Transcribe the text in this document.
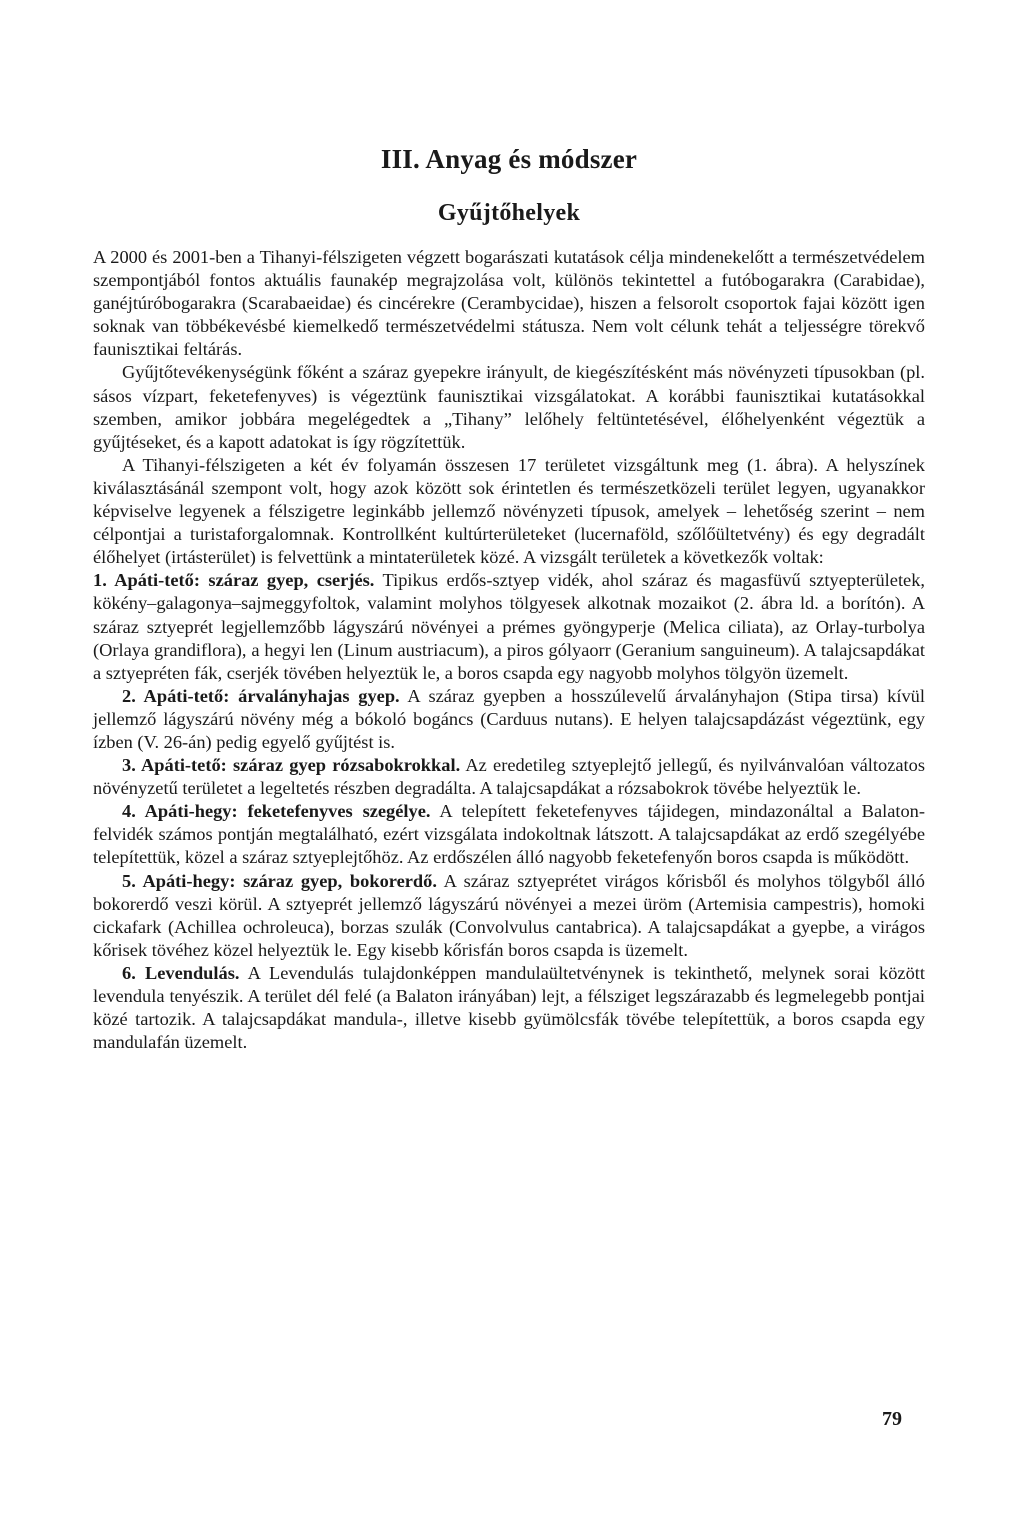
III. Anyag és módszer
Gyűjtőhelyek

A 2000 és 2001-ben a Tihanyi-félszigeten végzett bogarászati kutatások célja mindenekelőtt a természetvédelem szempontjából fontos aktuális faunakép megrajzolása volt, különös tekintettel a futóbogarakra (Carabidae), ganéjtúróbogarakra (Scarabaeidae) és cincérekre (Cerambycidae), hiszen a felsorolt csoportok fajai között igen soknak van többékevésbé kiemelkedő természetvédelmi státusza. Nem volt célunk tehát a teljességre törekvő faunisztikai feltárás.

Gyűjtőtevékenységünk főként a száraz gyepekre irányult, de kiegészítésként más növényzeti típusokban (pl. sásos vízpart, feketefenyves) is végeztünk faunisztikai vizsgálatokat. A korábbi faunisztikai kutatásokkal szemben, amikor jobbára megelégedtek a „Tihany” lelőhely feltüntetésével, élőhelyenként végeztük a gyűjtéseket, és a kapott adatokat is így rögzítettük.

A Tihanyi-félszigeten a két év folyamán összesen 17 területet vizsgáltunk meg (1. ábra). A helyszínek kiválasztásánál szempont volt, hogy azok között sok érintetlen és természetközeli terület legyen, ugyanakkor képviselve legyenek a félszigetre leginkább jellemző növényzeti típusok, amelyek – lehetőség szerint – nem célpontjai a turistaforgalomnak. Kontrollként kultúrterületeket (lucernaföld, szőlőültetvény) és egy degradált élőhelyet (irtásterület) is felvettünk a mintaterületek közé. A vizsgált területek a következők voltak:

1. Apáti-tető: száraz gyep, cserjés. Tipikus erdős-sztyep vidék, ahol száraz és magasfüvű sztyepterületek, kökény–galagonya–sajmeggyfoltok, valamint molyhos tölgyesek alkotnak mozaikot (2. ábra ld. a borítón). A száraz sztyeprét legjellemzőbb lágyszárú növényei a prémes gyöngyperje (Melica ciliata), az Orlay-turbolya (Orlaya grandiflora), a hegyi len (Linum austriacum), a piros gólyaorr (Geranium sanguineum). A talajcsapdákat a sztyepréten fák, cserjék tövében helyeztük le, a boros csapda egy nagyobb molyhos tölgyön üzemelt.

2. Apáti-tető: árvalányhajas gyep. A száraz gyepben a hosszúlevelű árvalányhajon (Stipa tirsa) kívül jellemző lágyszárú növény még a bókoló bogáncs (Carduus nutans). E helyen talajcsapdázást végeztünk, egy ízben (V. 26-án) pedig egyelő gyűjtést is.

3. Apáti-tető: száraz gyep rózsabokrokkal. Az eredetileg sztyeplejtő jellegű, és nyilvánvalóan változatos növényzetű területet a legeltetés részben degradálta. A talajcsapdákat a rózsabokrok tövébe helyeztük le.

4. Apáti-hegy: feketefenyves szegélye. A telepített feketefenyves tájidegen, mindazonáltal a Balaton-felvidék számos pontján megtalálható, ezért vizsgálata indokoltnak látszott. A talajcsapdákat az erdő szegélyébe telepítettük, közel a száraz sztyeplejtőhöz. Az erdőszélen álló nagyobb feketefenyőn boros csapda is működött.

5. Apáti-hegy: száraz gyep, bokorerdő. A száraz sztyeprétet virágos kőrisből és molyhos tölgyből álló bokorerdő veszi körül. A sztyeprét jellemző lágyszárú növényei a mezei üröm (Artemisia campestris), homoki cickafark (Achillea ochroleuca), borzas szulák (Convolvulus cantabrica). A talajcsapdákat a gyepbe, a virágos kőrisek tövéhez közel helyeztük le. Egy kisebb kőrisfán boros csapda is üzemelt.

6. Levendulás. A Levendulás tulajdonképpen mandulaültetvénynek is tekinthető, melynek sorai között levendula tenyészik. A terület dél felé (a Balaton irányában) lejt, a félsziget legszárazabb és legmelegebb pontjai közé tartozik. A talajcsapdákat mandula-, illetve kisebb gyümölcsfák tövébe telepítettük, a boros csapda egy mandulafán üzemelt.

79
